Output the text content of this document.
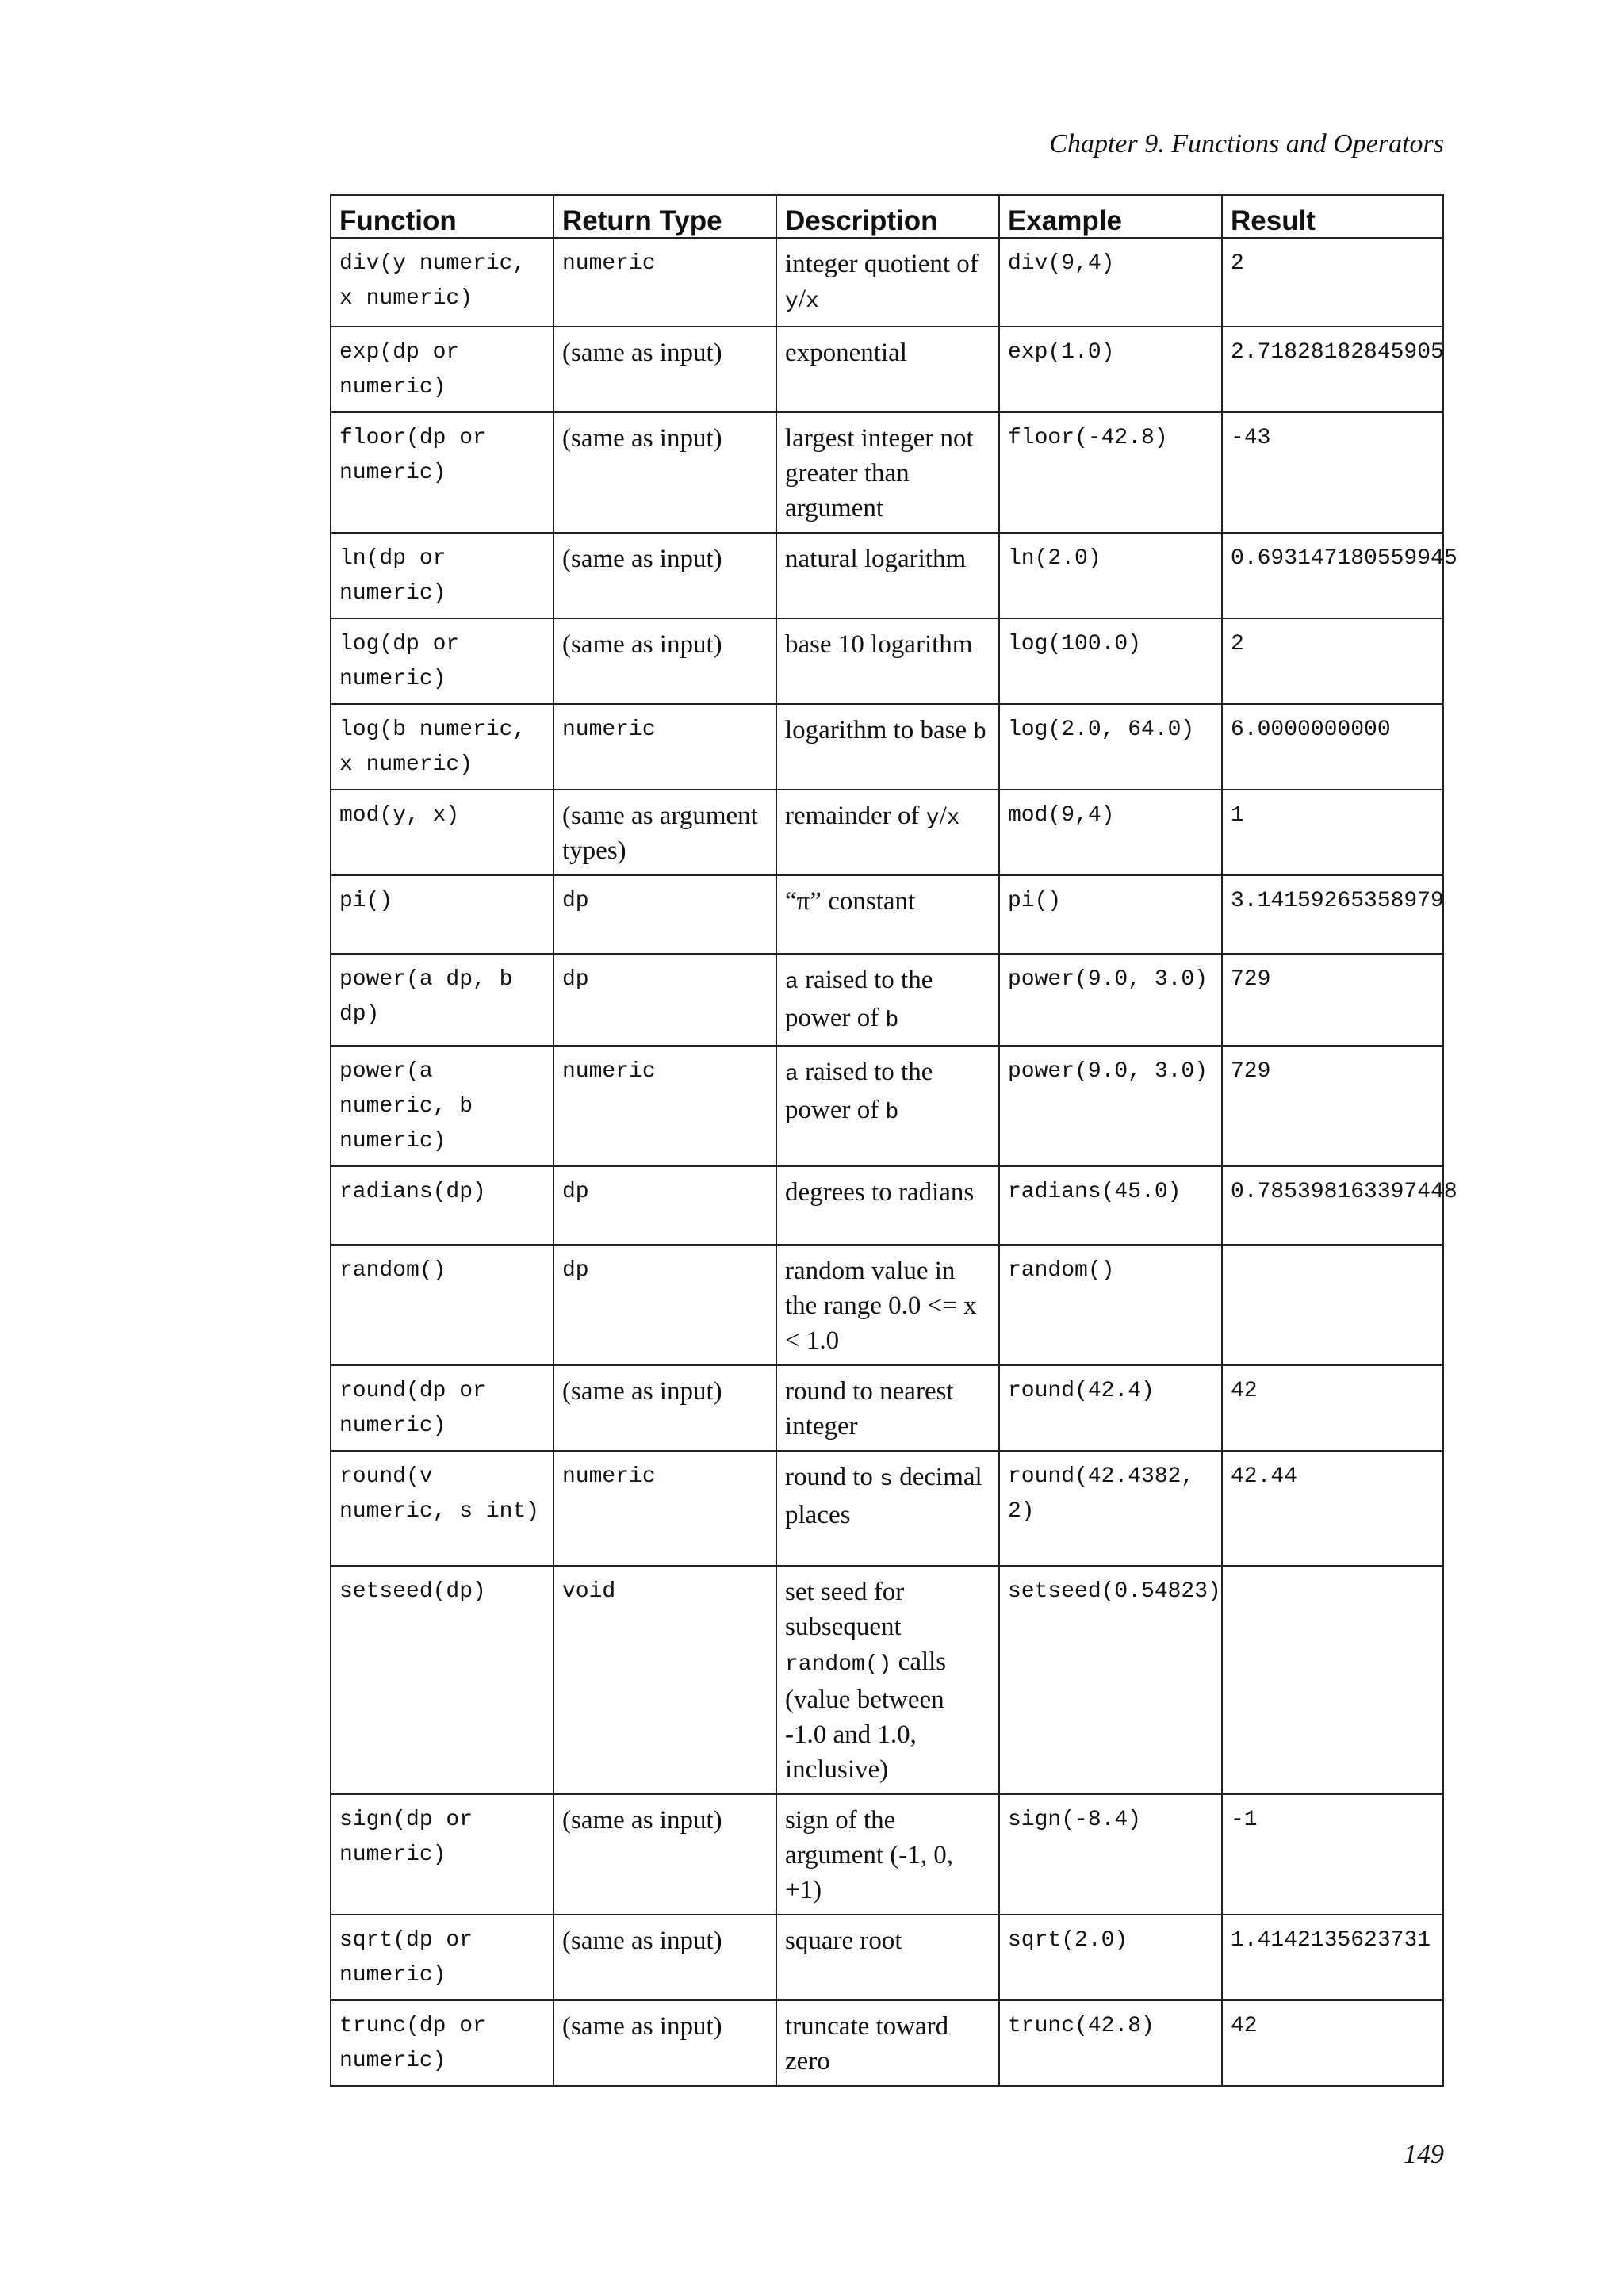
Chapter 9. Functions and Operators
Function	Return Type	Description	Example	Result

div(y numeric, x numeric)	numeric	integer quotient of y/x	div(9,4)	2

exp(dp or numeric)	(same as input)	exponential	exp(1.0)	2.71828182845905

floor(dp or numeric)	(same as input)	largest integer not greater than argument	floor(-42.8)	-43

ln(dp or numeric)	(same as input)	natural logarithm	ln(2.0)	0.693147180559945

log(dp or numeric)	(same as input)	base 10 logarithm	log(100.0)	2

log(b numeric, x numeric)	numeric	logarithm to base b	log(2.0, 64.0)	6.0000000000

mod(y, x)	(same as argument types)	remainder of y/x	mod(9,4)	1

pi()	dp	“π” constant	pi()	3.14159265358979

power(a dp, b dp)	dp	a raised to the power of b	power(9.0, 3.0)	729

power(a numeric, b numeric)	numeric	a raised to the power of b	power(9.0, 3.0)	729

radians(dp)	dp	degrees to radians	radians(45.0)	0.785398163397448

random()	dp	random value in the range 0.0 <= x < 1.0	random()	

round(dp or numeric)	(same as input)	round to nearest integer	round(42.4)	42

round(v numeric, s int)	numeric	round to s decimal places	round(42.4382, 2)	42.44

setseed(dp)	void	set seed for subsequent random() calls (value between -1.0 and 1.0, inclusive)	setseed(0.54823)	

sign(dp or numeric)	(same as input)	sign of the argument (-1, 0, +1)	sign(-8.4)	-1

sqrt(dp or numeric)	(same as input)	square root	sqrt(2.0)	1.4142135623731

trunc(dp or numeric)	(same as input)	truncate toward zero	trunc(42.8)	42
149
